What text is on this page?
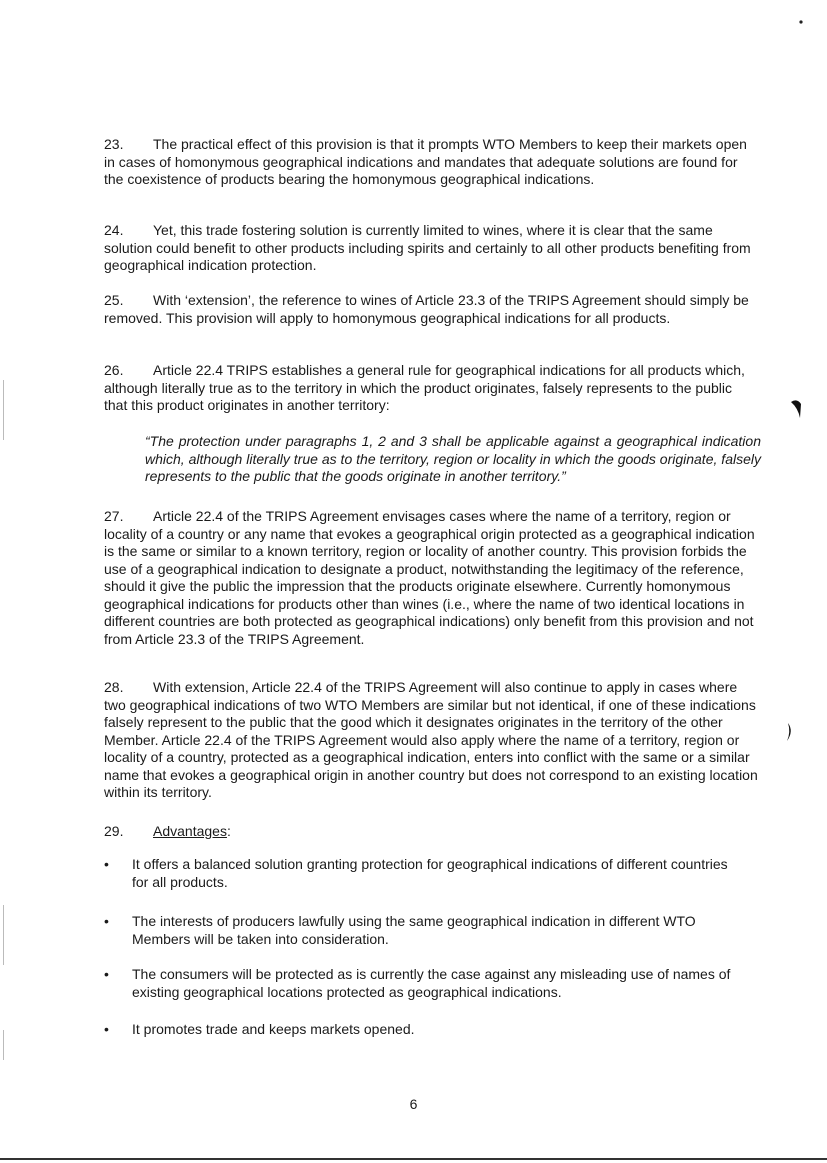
23. The practical effect of this provision is that it prompts WTO Members to keep their markets open in cases of homonymous geographical indications and mandates that adequate solutions are found for the coexistence of products bearing the homonymous geographical indications.

24. Yet, this trade fostering solution is currently limited to wines, where it is clear that the same solution could benefit to other products including spirits and certainly to all other products benefiting from geographical indication protection.

25. With ‘extension’, the reference to wines of Article 23.3 of the TRIPS Agreement should simply be removed. This provision will apply to homonymous geographical indications for all products.

26. Article 22.4 TRIPS establishes a general rule for geographical indications for all products which, although literally true as to the territory in which the product originates, falsely represents to the public that this product originates in another territory:

“The protection under paragraphs 1, 2 and 3 shall be applicable against a geographical indication which, although literally true as to the territory, region or locality in which the goods originate, falsely represents to the public that the goods originate in another territory.”

27. Article 22.4 of the TRIPS Agreement envisages cases where the name of a territory, region or locality of a country or any name that evokes a geographical origin protected as a geographical indication is the same or similar to a known territory, region or locality of another country. This provision forbids the use of a geographical indication to designate a product, notwithstanding the legitimacy of the reference, should it give the public the impression that the products originate elsewhere. Currently homonymous geographical indications for products other than wines (i.e., where the name of two identical locations in different countries are both protected as geographical indications) only benefit from this provision and not from Article 23.3 of the TRIPS Agreement.

28. With extension, Article 22.4 of the TRIPS Agreement will also continue to apply in cases where two geographical indications of two WTO Members are similar but not identical, if one of these indications falsely represent to the public that the good which it designates originates in the territory of the other Member. Article 22.4 of the TRIPS Agreement would also apply where the name of a territory, region or locality of a country, protected as a geographical indication, enters into conflict with the same or a similar name that evokes a geographical origin in another country but does not correspond to an existing location within its territory.

29. Advantages:

•	It offers a balanced solution granting protection for geographical indications of different countries for all products.

•	The interests of producers lawfully using the same geographical indication in different WTO Members will be taken into consideration.

•	The consumers will be protected as is currently the case against any misleading use of names of existing geographical locations protected as geographical indications.

•	It promotes trade and keeps markets opened.

6
